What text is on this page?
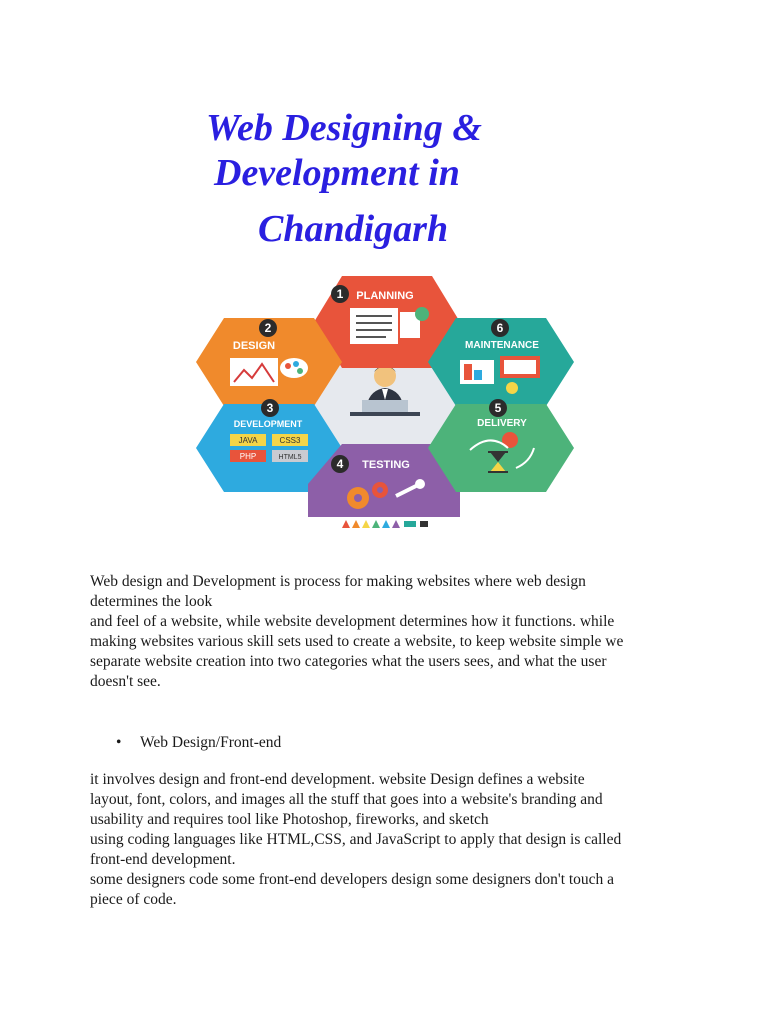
Web Designing &
Development in
Chandigarh
1 PLANNING
2
DESIGN
3
DEVELOPMENT
JAVA	CSS3
PHP	HTML5	4 TESTING
6
MAINTENANCE
5
DELIVERY

Web design and Development is process for making websites where web design

determines the look

and feel of a website, while website development determines how it functions. while

making websites various skill sets used to create a website, to keep website simple we

separate website creation into two categories what the users sees, and what the user

doesn't see.

• Web Design/Front-end

it involves design and front-end development. website Design defines a website

layout, font, colors, and images all the stuff that goes into a website's branding and

usability and requires tool like Photoshop, fireworks, and sketch

using coding languages like HTML,CSS, and JavaScript to apply that design is called

front-end development.

some designers code some front-end developers design some designers don't touch a

piece of code.
